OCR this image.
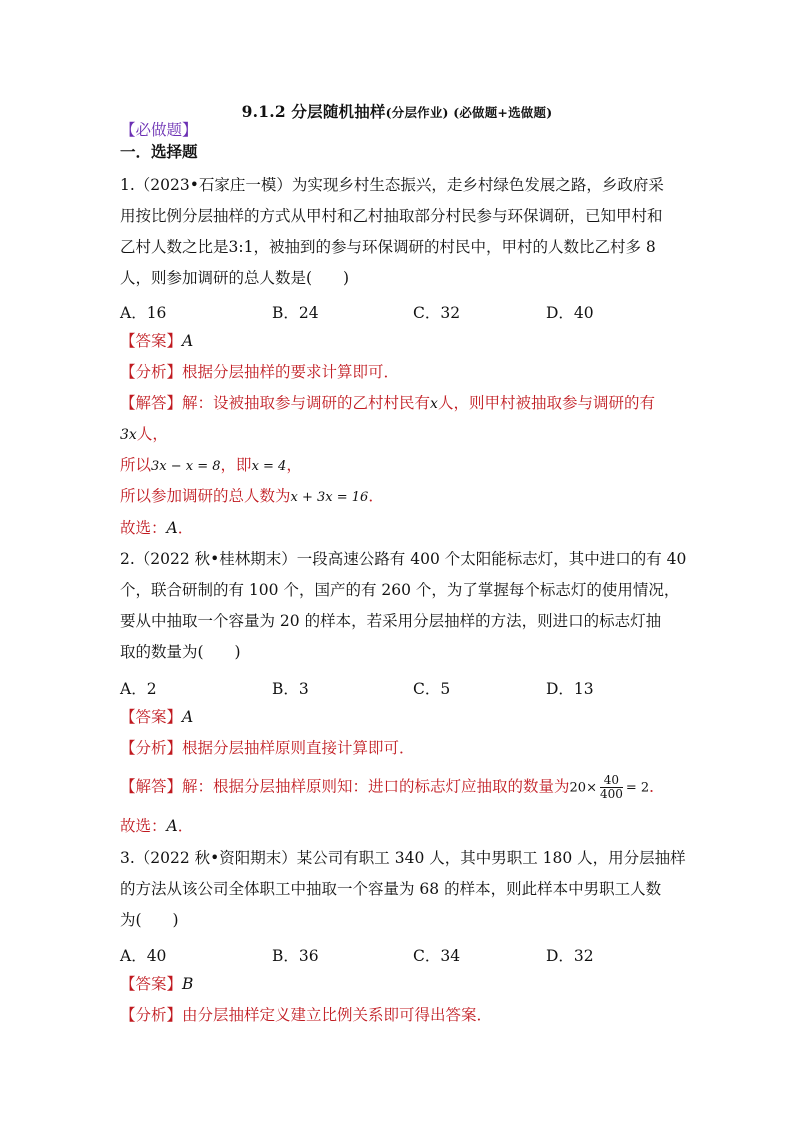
9.1.2 分层随机抽样(分层作业) (必做题+选做题)
【必做题】
一．选择题
1.（2023•石家庄一模）为实现乡村生态振兴，走乡村绿色发展之路，乡政府采
用按比例分层抽样的方式从甲村和乙村抽取部分村民参与环保调研，已知甲村和
乙村人数之比是3:1，被抽到的参与环保调研的村民中，甲村的人数比乙村多 8
人，则参加调研的总人数是(　　)
A．16	B．24	C．32	D．40
【答案】A
【分析】根据分层抽样的要求计算即可．
【解答】解：设被抽取参与调研的乙村村民有x人，则甲村被抽取参与调研的有
3x人，
所以3x − x = 8，即x = 4，
所以参加调研的总人数为x + 3x = 16．
故选：A．
2.（2022 秋•桂林期末）一段高速公路有 400 个太阳能标志灯，其中进口的有 40
个，联合研制的有 100 个，国产的有 260 个，为了掌握每个标志灯的使用情况，
要从中抽取一个容量为 20 的样本，若采用分层抽样的方法，则进口的标志灯抽
取的数量为(　　)
A．2	B．3	C．5	D．13
【答案】A
【分析】根据分层抽样原则直接计算即可．
【解答】解：根据分层抽样原则知：进口的标志灯应抽取的数量为$20\times \frac{40}{400} = 2$．
故选：A．
3.（2022 秋•资阳期末）某公司有职工 340 人，其中男职工 180 人，用分层抽样
的方法从该公司全体职工中抽取一个容量为 68 的样本，则此样本中男职工人数
为(　　)
A．40	B．36	C．34	D．32
【答案】B
【分析】由分层抽样定义建立比例关系即可得出答案．
